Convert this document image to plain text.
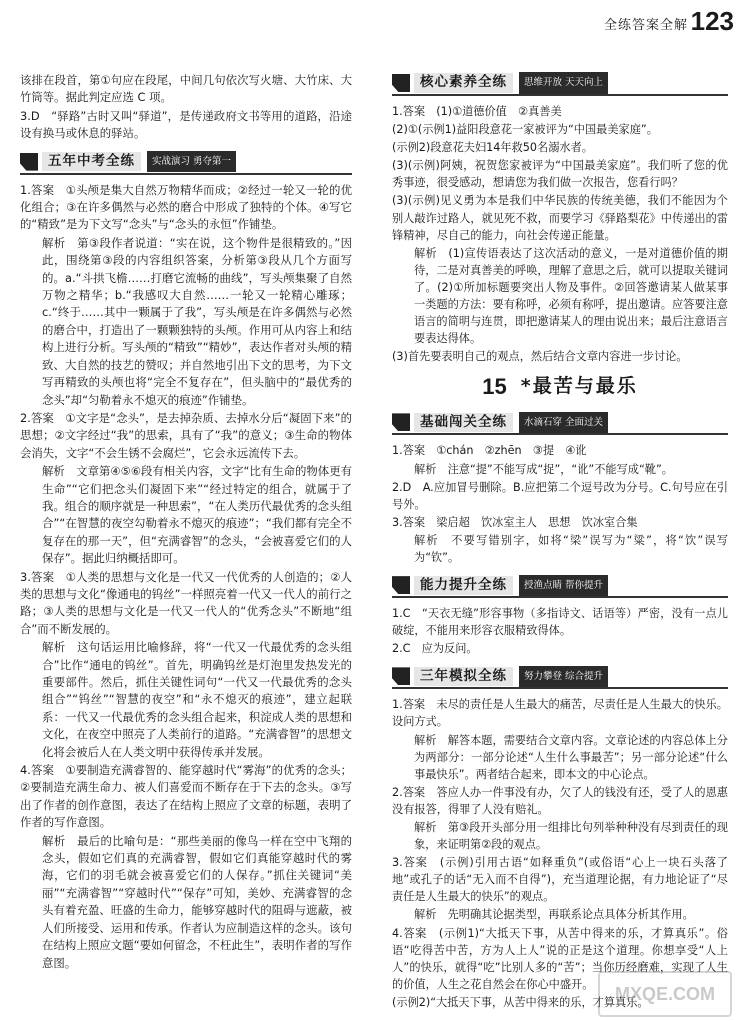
全练答案全解 123

该排在段首，第①句应在段尾，中间几句依次写火塘、大竹床、大竹筒等。据此判定应选 C 项。

3.D　“驿路”古时又叫“驿道”，是传递政府文书等用的道路，沿途设有换马或休息的驿站。

五年中考全练	实战演习 勇夺第一

1.答案　①头颅是集大自然万物精华而成；②经过一轮又一轮的优化组合；③在许多偶然与必然的磨合中形成了独特的个体。④写它的“精致”是为下文写“念头”与“念头的永恒”作铺垫。

解析　第③段作者说道：“实在说，这个物件是很精致的。”因此，围绕第③段的内容组织答案，分析第③段从几个方面写的。a.“斗拱飞檐……打磨它流畅的曲线”，写头颅集聚了自然万物之精华；b.“我感叹大自然……一轮又一轮精心雕琢；c.“终于……其中一颗属于了我”，写头颅是在许多偶然与必然的磨合中，打造出了一颗颗独特的头颅。作用可从内容上和结构上进行分析。写头颅的“精致”“精妙”，表达作者对头颅的精致、大自然的技艺的赞叹；并自然地引出下文的思考，为下文写再精致的头颅也将“完全不复存在”，但头脑中的“最优秀的念头”却“匀勒着永不熄灭的痕迹”作铺垫。

2.答案　①文字是“念头”，是去掉杂质、去掉水分后“凝固下来”的思想；②文字经过“我”的思索，具有了“我”的意义；③生命的物体会消失，文字“不会生锈不会腐烂”，它会永远流传下去。

解析　文章第④⑤⑥段有相关内容，文字“比有生命的物体更有生命”“它们把念头们凝固下来”“经过特定的组合，就属于了我。组合的顺序就是一种思索”，“在人类历代最优秀的念头组合”“在智慧的夜空勾勒着永不熄灭的痕迹”；“我们都有完全不复存在的那一天”，但“充满睿智”的念头，“会被喜爱它们的人保存”。据此归纳概括即可。

3.答案　①人类的思想与文化是一代又一代优秀的人创造的；②人类的思想与文化“像通电的钨丝”一样照亮着一代又一代人的前行之路；③人类的思想与文化是一代又一代人的“优秀念头”不断地“组合”而不断发展的。

解析　这句话运用比喻修辞，将“一代又一代最优秀的念头组合”比作“通电的钨丝”。首先，明确钨丝是灯泡里发热发光的重要部件。然后，抓住关键性词句“一代又一代最优秀的念头组合”“钨丝”“智慧的夜空”和“永不熄灭的痕迹”，建立起联系：一代又一代最优秀的念头组合起来，积淀成人类的思想和文化，在夜空中照亮了人类前行的道路。“充满睿智”的思想文化将会被后人在人类文明中获得传承并发展。

4.答案　①要制造充满睿智的、能穿越时代“雾海”的优秀的念头；②要制造充满生命力、被人们喜爱而不断存在于下去的念头。③写出了作者的创作意图，表达了在结构上照应了文章的标题，表明了作者的写作意图。

解析　最后的比喻句是：“那些美丽的像鸟一样在空中飞翔的念头，假如它们真的充满睿智，假如它们真能穿越时代的雾海，它们的羽毛就会被喜爱它们的人保存。”抓住关键词“美丽”“充满睿智”“穿越时代”“保存”可知，美妙、充满睿智的念头有着充盈、旺盛的生命力，能够穿越时代的阻碍与遮蔽，被人们所接受、运用和传承。作者认为应制造这样的念头。该句在结构上照应文题“要如何留念，不枉此生”，表明作者的写作意图。

核心素养全练	思维开放 天天向上

1.答案　(1)①道德价值　②真善美

(2)①(示例1)益阳段意花一家被评为“中国最美家庭”。

(示例2)段意花夫妇14年救50名溺水者。

(3)(示例)阿姨，祝贺您家被评为“中国最美家庭”。我们听了您的优秀事迹，很受感动，想请您为我们做一次报告，您看行吗？

(3)(示例)见义勇为本是我们中华民族的传统美德，我们不能因为个别人敲诈过路人，就见死不救，而要学习《驿路梨花》中传递出的雷锋精神，尽自己的能力，向社会传递正能量。

解析　(1)宣传语表达了这次活动的意义，一是对道德价值的期待，二是对真善美的呼唤，理解了意思之后，就可以提取关键词了。(2)①所加标题要突出人物及事件。②回答邀请某人做某事一类题的方法：要有称呼，必须有称呼，提出邀请。应答要注意语言的简明与连贯，即把邀请某人的理由说出来；最后注意语言要表达得体。

(3)首先要表明自己的观点，然后结合文章内容进一步讨论。

15 *最苦与最乐
基础闯关全练	水滴石穿 全面过关

1.答案　①chán　②zhēn　③提　④讹

解析　注意“提”不能写成“捉”，“讹”不能写成“靴”。

2.D　A.应加冒号删除。B.应把第二个逗号改为分号。C.句号应在引号外。

3.答案　梁启超　饮冰室主人　思想　饮冰室合集

解析　不要写错别字，如将“梁”误写为“粱”，将“饮”误写为“钦”。

能力提升全练	授渔点睛 帮你提升

1.C　“天衣无缝”形容事物（多指诗文、话语等）严密，没有一点儿破绽，不能用来形容衣服精致得体。

2.C　应为反问。

三年模拟全练	努力攀登 综合提升

1.答案　未尽的责任是人生最大的痛苦，尽责任是人生最大的快乐。设问方式。

解析　解答本题，需要结合文章内容。文章论述的内容总体上分为两部分：一部分论述“人生什么事最苦”；另一部分论述“什么事最快乐”。两者结合起来，即本文的中心论点。

2.答案　答应人办一件事没有办，欠了人的钱没有还，受了人的恩惠没有报答，得罪了人没有赔礼。

解析　第③段开头部分用一组排比句列举种种没有尽到责任的现象，来证明第②段的观点。

3.答案　(示例)引用古语“如释重负”(或俗语“心上一块石头落了地”或孔子的话“无入而不自得”)，充当道理论据，有力地论证了“尽责任是人生最大的快乐”的观点。

解析　先明确其论据类型，再联系论点具体分析其作用。

4.答案　(示例1)“大抵天下事，从苦中得来的乐，才算真乐”。俗语“吃得苦中苦，方为人上人”说的正是这个道理。你想享受“人上人”的快乐，就得“吃”比别人多的“苦”；当你历经磨难，实现了人生的价值，人生之花自然会在你心中盛开。

(示例2)“大抵天下事，从苦中得来的乐，才算真乐。

MXQE.COM
